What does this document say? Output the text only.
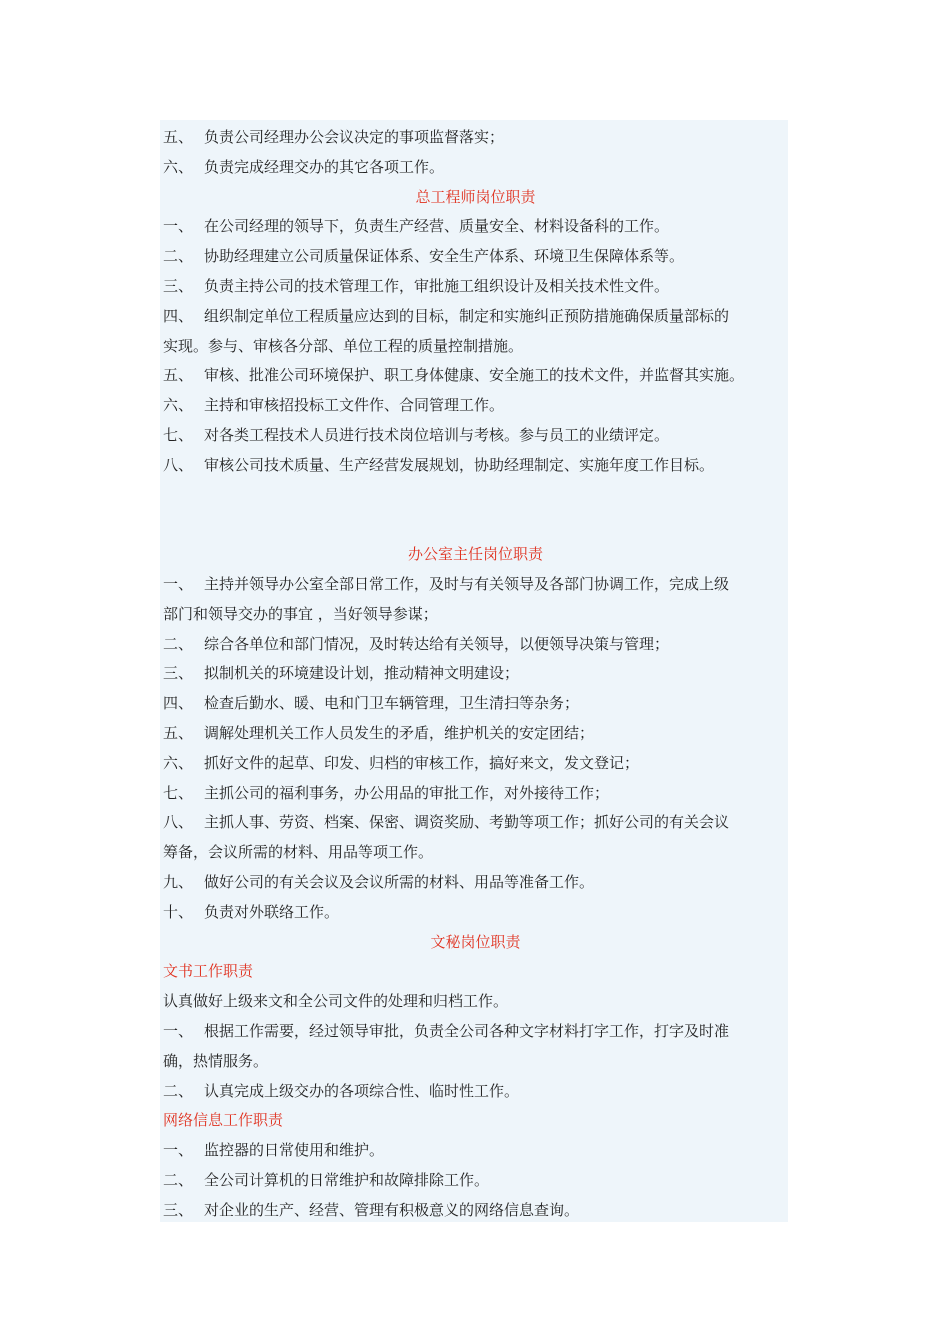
五、 负责公司经理办公会议决定的事项监督落实；
六、 负责完成经理交办的其它各项工作。
总工程师岗位职责
一、 在公司经理的领导下，负责生产经营、质量安全、材料设备科的工作。
二、 协助经理建立公司质量保证体系、安全生产体系、环境卫生保障体系等。
三、 负责主持公司的技术管理工作，审批施工组织设计及相关技术性文件。
四、 组织制定单位工程质量应达到的目标，制定和实施纠正预防措施确保质量部标的
实现。参与、审核各分部、单位工程的质量控制措施。
五、 审核、批准公司环境保护、职工身体健康、安全施工的技术文件，并监督其实施。
六、 主持和审核招投标工文件作、合同管理工作。
七、 对各类工程技术人员进行技术岗位培训与考核。参与员工的业绩评定。
八、 审核公司技术质量、生产经营发展规划，协助经理制定、实施年度工作目标。
办公室主任岗位职责
一、 主持并领导办公室全部日常工作，及时与有关领导及各部门协调工作，完成上级
部门和领导交办的事宜 ，当好领导参谋；
二、 综合各单位和部门情况，及时转达给有关领导，以便领导决策与管理；
三、 拟制机关的环境建设计划，推动精神文明建设；
四、 检查后勤水、暖、电和门卫车辆管理，卫生清扫等杂务；
五、 调解处理机关工作人员发生的矛盾，维护机关的安定团结；
六、 抓好文件的起草、印发、归档的审核工作，搞好来文，发文登记；
七、 主抓公司的福利事务，办公用品的审批工作，对外接待工作；
八、 主抓人事、劳资、档案、保密、调资奖励、考勤等项工作；抓好公司的有关会议
筹备，会议所需的材料、用品等项工作。
九、 做好公司的有关会议及会议所需的材料、用品等准备工作。
十、 负责对外联络工作。
文秘岗位职责
文书工作职责
认真做好上级来文和全公司文件的处理和归档工作。
一、 根据工作需要，经过领导审批，负责全公司各种文字材料打字工作，打字及时准
确，热情服务。
二、 认真完成上级交办的各项综合性、临时性工作。
网络信息工作职责
一、 监控器的日常使用和维护。
二、 全公司计算机的日常维护和故障排除工作。
三、 对企业的生产、经营、管理有积极意义的网络信息查询。
